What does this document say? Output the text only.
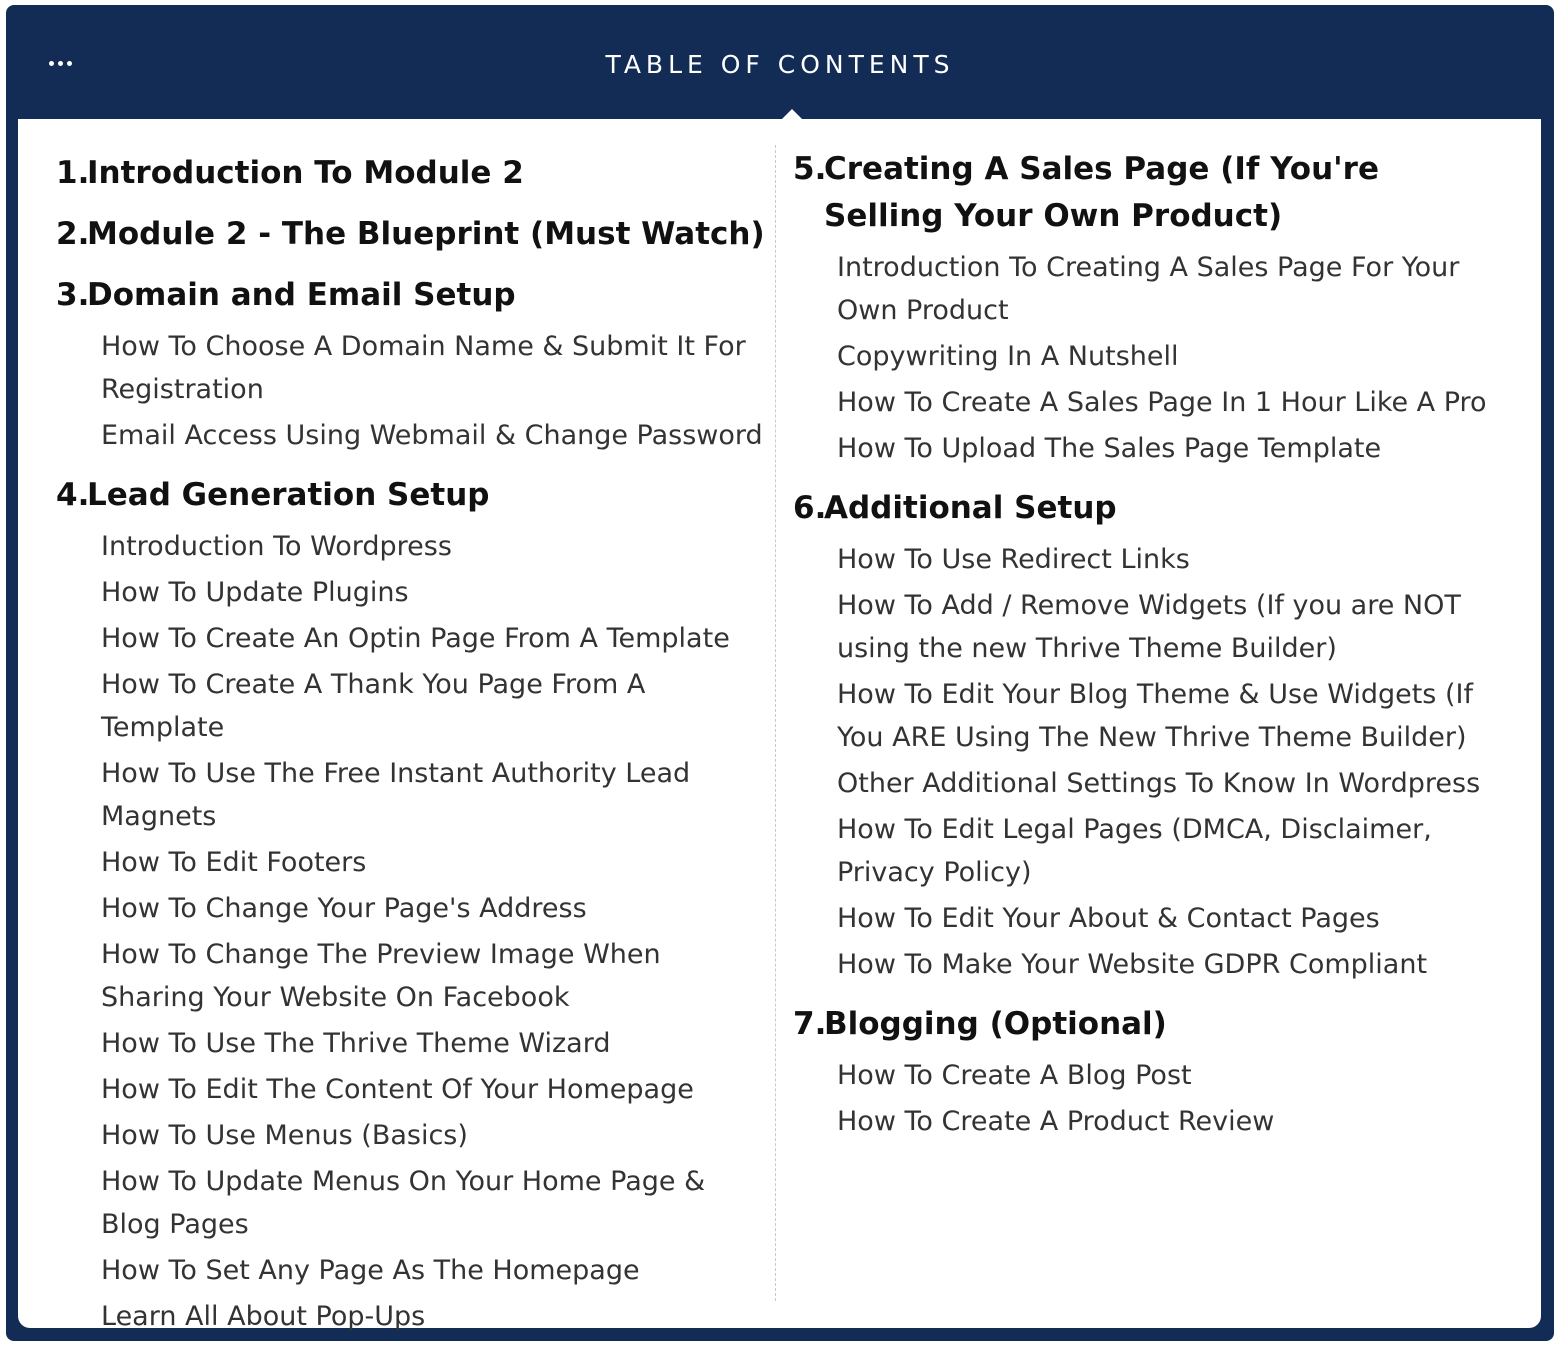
TABLE OF CONTENTS
1.
Introduction To Module 2
2.
Module 2 - The Blueprint (Must Watch)
3.
Domain and Email Setup
How To Choose A Domain Name & Submit It For Registration
Email Access Using Webmail & Change Password
4.
Lead Generation Setup
Introduction To Wordpress
How To Update Plugins
How To Create An Optin Page From A Template
How To Create A Thank You Page From A Template
How To Use The Free Instant Authority Lead Magnets
How To Edit Footers
How To Change Your Page's Address
How To Change The Preview Image When Sharing Your Website On Facebook
How To Use The Thrive Theme Wizard
How To Edit The Content Of Your Homepage
How To Use Menus (Basics)
How To Update Menus On Your Home Page & Blog Pages
How To Set Any Page As The Homepage
Learn All About Pop-Ups
5.
Creating A Sales Page (If You're Selling Your Own Product)
Introduction To Creating A Sales Page For Your Own Product
Copywriting In A Nutshell
How To Create A Sales Page In 1 Hour Like A Pro
How To Upload The Sales Page Template
6.
Additional Setup
How To Use Redirect Links
How To Add / Remove Widgets (If you are NOT using the new Thrive Theme Builder)
How To Edit Your Blog Theme & Use Widgets (If You ARE Using The New Thrive Theme Builder)
Other Additional Settings To Know In Wordpress
How To Edit Legal Pages (DMCA, Disclaimer, Privacy Policy)
How To Edit Your About & Contact Pages
How To Make Your Website GDPR Compliant
7.
Blogging (Optional)
How To Create A Blog Post
How To Create A Product Review
